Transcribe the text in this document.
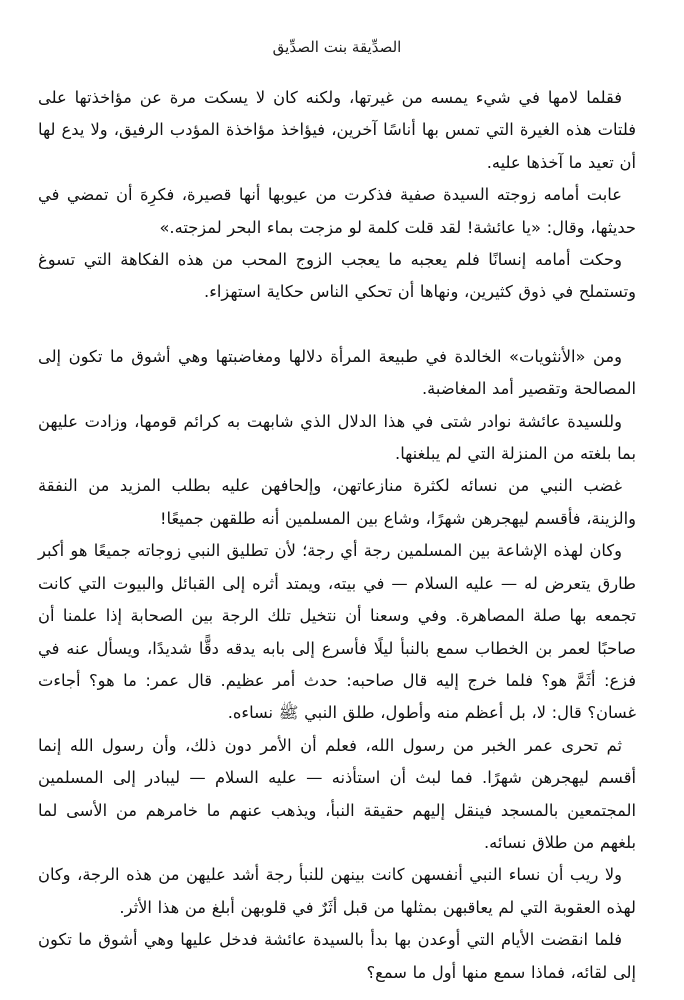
الصدِّيقة بنت الصدِّيق

فقلما لامها في شيء يمسه من غيرتها، ولكنه كان لا يسكت مرة عن مؤاخذتها على فلتات هذه الغيرة التي تمس بها أناسًا آخرين، فيؤاخذ مؤاخذة المؤدب الرفيق، ولا يدع لها أن تعيد ما آخذها عليه.

عابت أمامه زوجته السيدة صفية فذكرت من عيوبها أنها قصيرة، فكرِهَ أن تمضي في حديثها، وقال: «يا عائشة! لقد قلت كلمة لو مزجت بماء البحر لمزجته.»

وحكت أمامه إنسانًا فلم يعجبه ما يعجب الزوج المحب من هذه الفكاهة التي تسوغ وتستملح في ذوق كثيرين، ونهاها أن تحكي الناس حكاية استهزاء.

ومن «الأنثويات» الخالدة في طبيعة المرأة دلالها ومغاضبتها وهي أشوق ما تكون إلى المصالحة وتقصير أمد المغاضبة.

وللسيدة عائشة نوادر شتى في هذا الدلال الذي شابهت به كرائم قومها، وزادت عليهن بما بلغته من المنزلة التي لم يبلغنها.

غضب النبي من نسائه لكثرة منازعاتهن، وإلحافهن عليه بطلب المزيد من النفقة والزينة، فأقسم ليهجرهن شهرًا، وشاع بين المسلمين أنه طلقهن جميعًا!

وكان لهذه الإشاعة بين المسلمين رجة أي رجة؛ لأن تطليق النبي زوجاته جميعًا هو أكبر طارق يتعرض له — عليه السلام — في بيته، ويمتد أثره إلى القبائل والبيوت التي كانت تجمعه بها صلة المصاهرة. وفي وسعنا أن نتخيل تلك الرجة بين الصحابة إذا علمنا أن صاحبًا لعمر بن الخطاب سمع بالنبأ ليلًا فأسرع إلى بابه يدقه دقًّا شديدًا، ويسأل عنه في فزع: أثَمَّ هو؟ فلما خرج إليه قال صاحبه: حدث أمر عظيم. قال عمر: ما هو؟ أجاءت غسان؟ قال: لا، بل أعظم منه وأطول، طلق النبي ﷺ نساءه.

ثم تحرى عمر الخبر من رسول الله، فعلم أن الأمر دون ذلك، وأن رسول الله إنما أقسم ليهجرهن شهرًا. فما لبث أن استأذنه — عليه السلام — ليبادر إلى المسلمين المجتمعين بالمسجد فينقل إليهم حقيقة النبأ، ويذهب عنهم ما خامرهم من الأسى لما بلغهم من طلاق نسائه.

ولا ريب أن نساء النبي أنفسهن كانت بينهن للنبأ رجة أشد عليهن من هذه الرجة، وكان لهذه العقوبة التي لم يعاقبهن بمثلها من قبل أثَرٌ في قلوبهن أبلغ من هذا الأثر.

فلما انقضت الأيام التي أوعدن بها بدأ بالسيدة عائشة فدخل عليها وهي أشوق ما تكون إلى لقائه، فماذا سمع منها أول ما سمع؟
